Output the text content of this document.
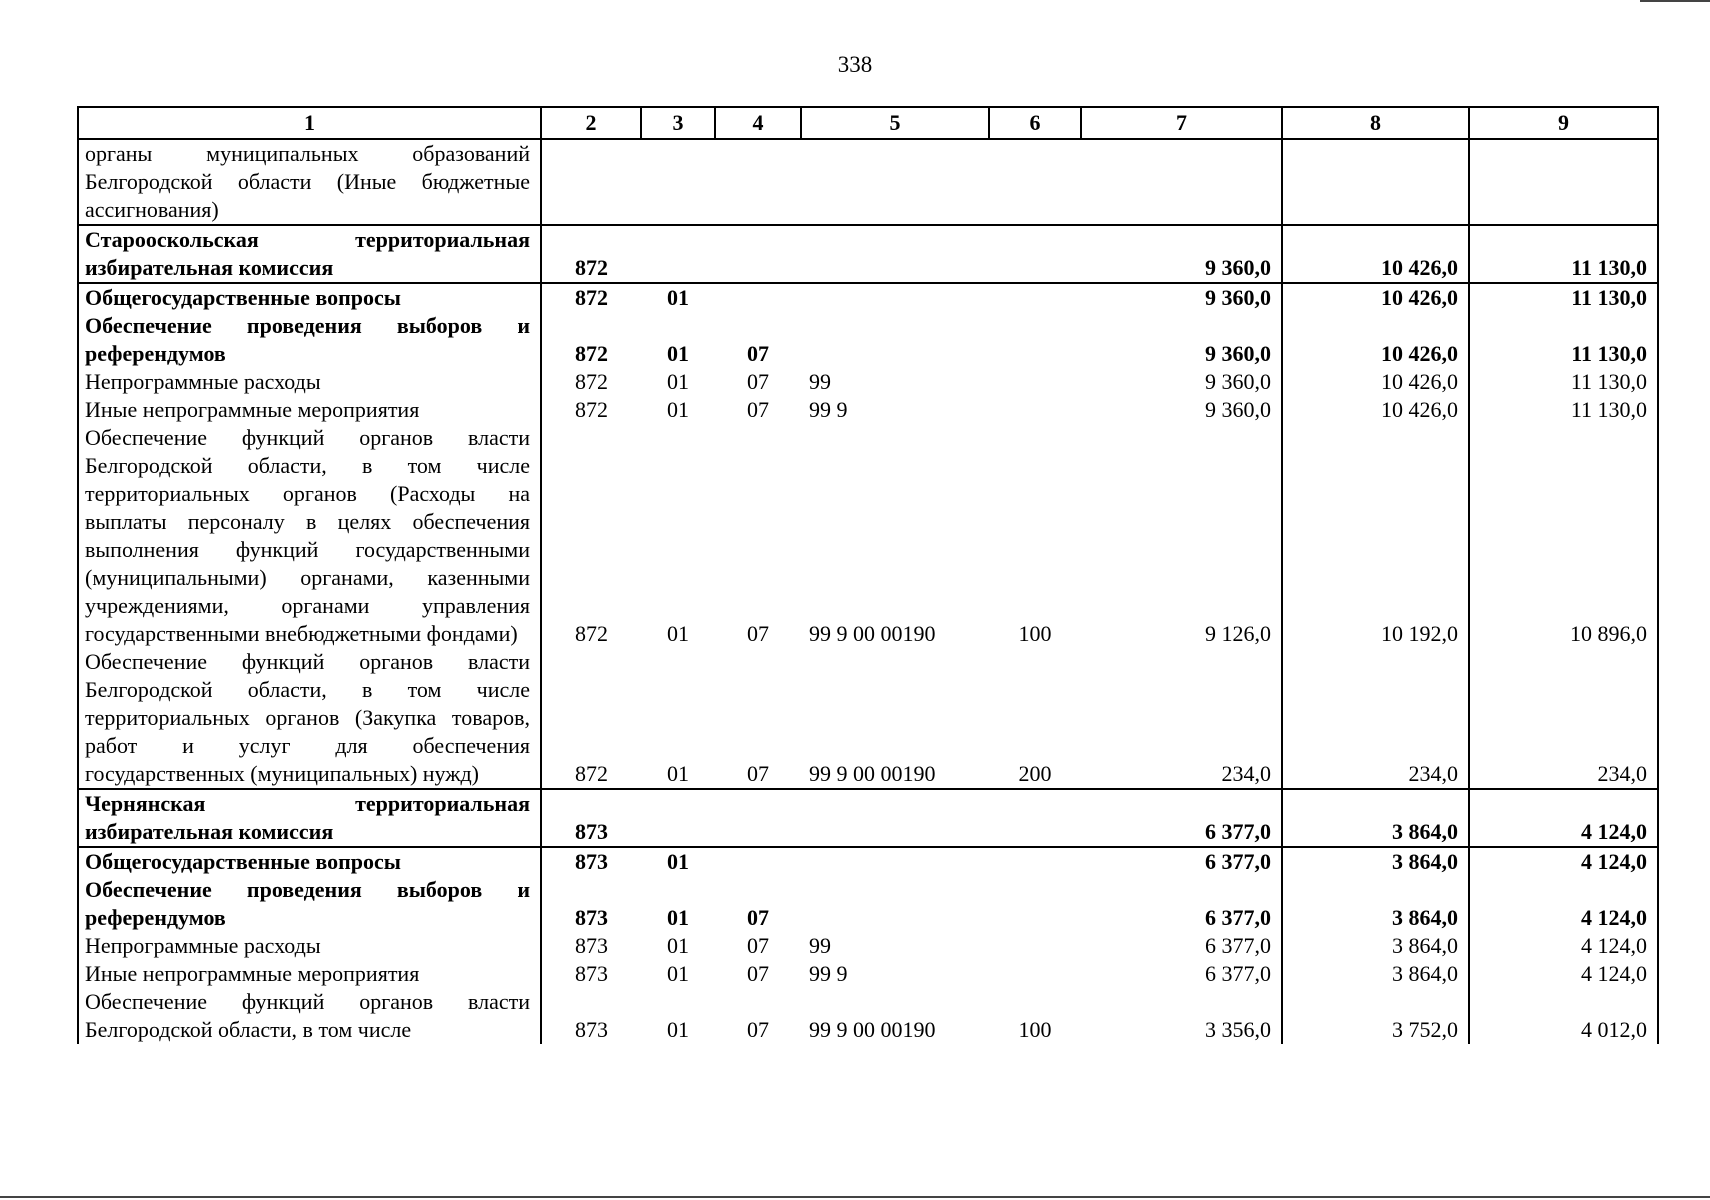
338
1	2	3	4	5	6	7	8	9
органы муниципальных образований Белгородской области (Иные бюджетные ассигнования)								
Старооскольская территориальная избирательная комиссия	872					9 360,0	10 426,0	11 130,0
Общегосударственные вопросы	872	01				9 360,0	10 426,0	11 130,0
Обеспечение проведения выборов и референдумов	872	01	07			9 360,0	10 426,0	11 130,0
Непрограммные расходы	872	01	07	99		9 360,0	10 426,0	11 130,0
Иные непрограммные мероприятия	872	01	07	99 9		9 360,0	10 426,0	11 130,0
Обеспечение функций органов власти Белгородской области, в том числе территориальных органов (Расходы на выплаты персоналу в целях обеспечения выполнения функций государственными (муниципальными) органами, казенными учреждениями, органами управления государственными внебюджетными фондами)	872	01	07	99 9 00 00190	100	9 126,0	10 192,0	10 896,0
Обеспечение функций органов власти Белгородской области, в том числе территориальных органов (Закупка товаров, работ и услуг для обеспечения государственных (муниципальных) нужд)	872	01	07	99 9 00 00190	200	234,0	234,0	234,0
Чернянская территориальная избирательная комиссия	873					6 377,0	3 864,0	4 124,0
Общегосударственные вопросы	873	01				6 377,0	3 864,0	4 124,0
Обеспечение проведения выборов и референдумов	873	01	07			6 377,0	3 864,0	4 124,0
Непрограммные расходы	873	01	07	99		6 377,0	3 864,0	4 124,0
Иные непрограммные мероприятия	873	01	07	99 9		6 377,0	3 864,0	4 124,0
Обеспечение функций органов власти Белгородской области, в том числе	873	01	07	99 9 00 00190	100	3 356,0	3 752,0	4 012,0
